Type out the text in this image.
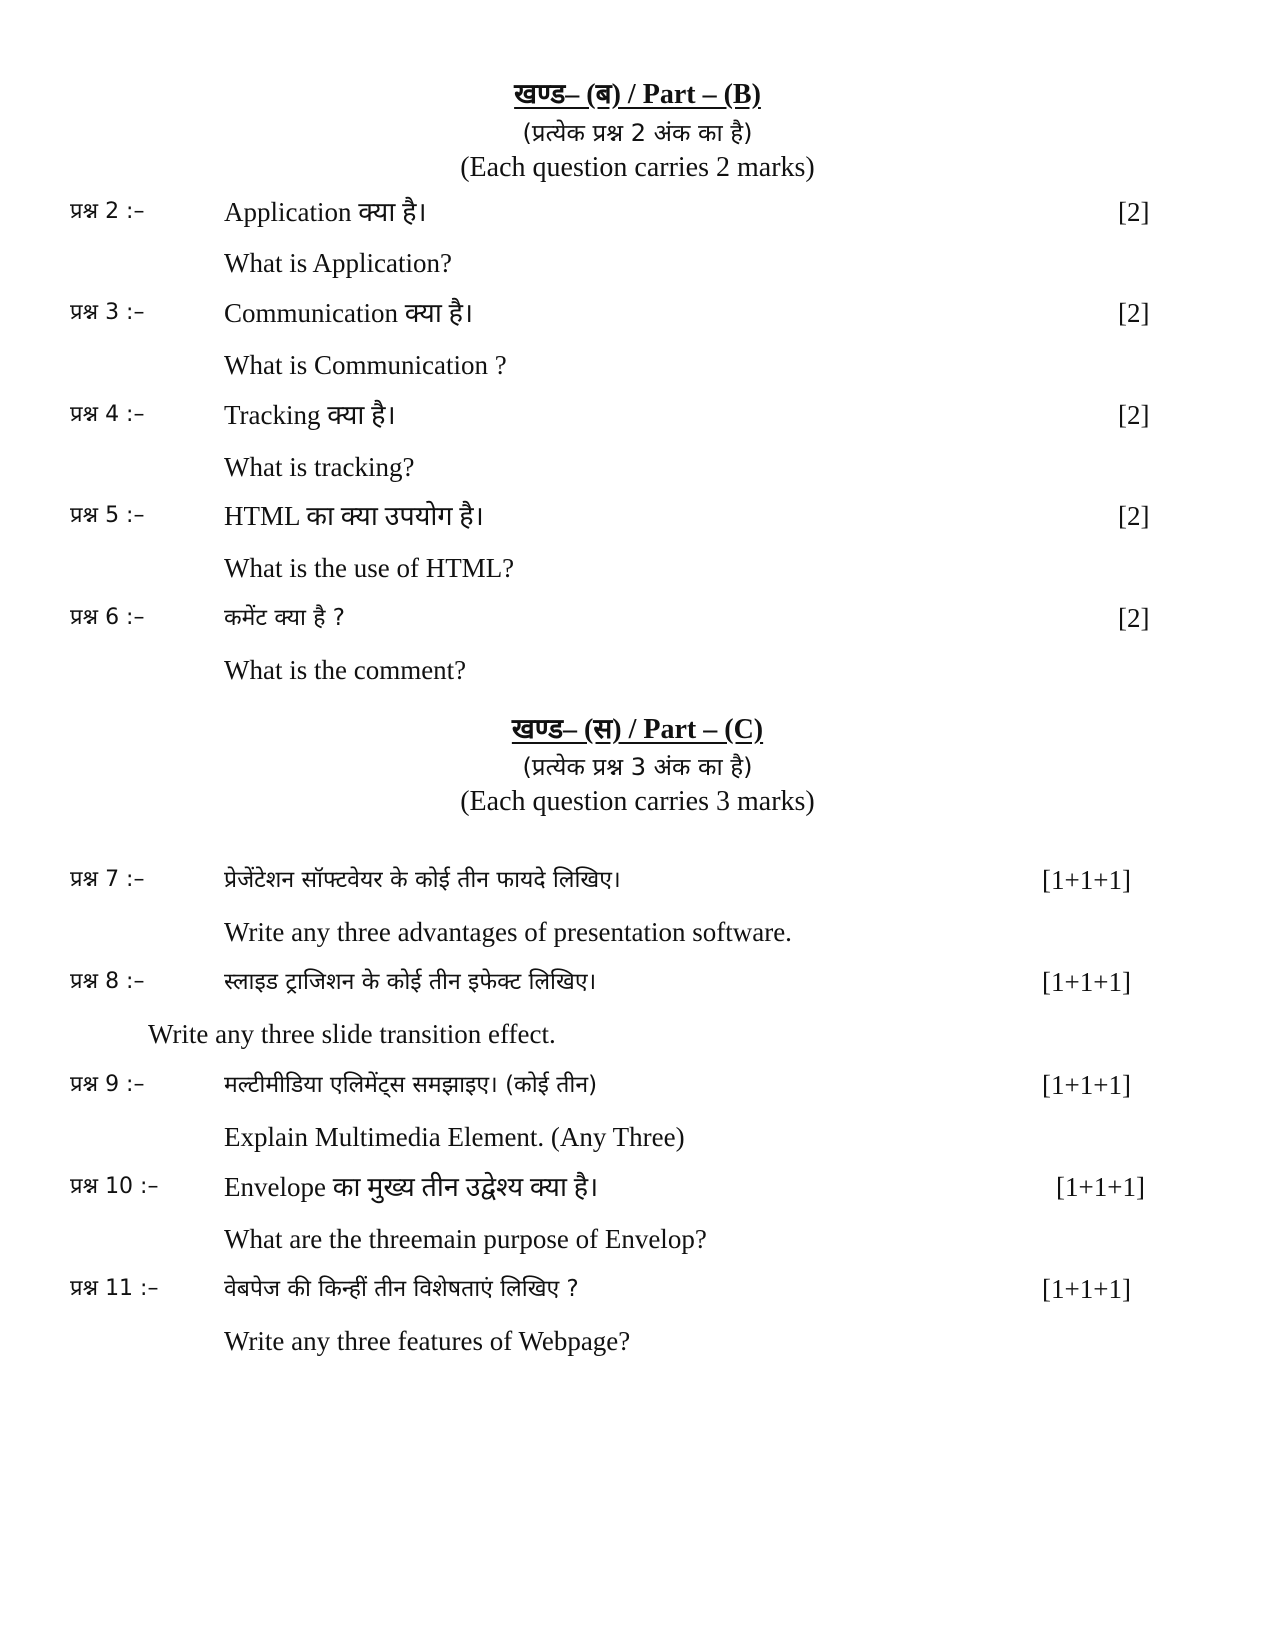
खण्ड– (ब) / Part – (B)
(प्रत्येक प्रश्न 2 अंक का है)
(Each question carries 2 marks)
प्रश्न 2 :–	Application क्या है।	[2]
What is Application?
प्रश्न 3 :–	Communication क्या है।	[2]
What is Communication ?
प्रश्न 4 :–	Tracking क्या है।	[2]
What is tracking?
प्रश्न 5 :–	HTML का क्या उपयोग है।	[2]
What is the use of HTML?
प्रश्न 6 :–	कमेंट क्या है ?	[2]
What is the comment?
खण्ड– (स) / Part – (C)
(प्रत्येक प्रश्न 3 अंक का है)
(Each question carries 3 marks)
प्रश्न 7 :–	प्रेजेंटेशन सॉफ्टवेयर के कोई तीन फायदे लिखिए।	[1+1+1]
Write any three advantages of presentation software.
प्रश्न 8 :–	स्लाइड ट्राजिशन के कोई तीन इफेक्ट लिखिए।	[1+1+1]
Write any three slide transition effect.
प्रश्न 9 :–	मल्टीमीडिया एलिमेंट्स समझाइए। (कोई तीन)	[1+1+1]
Explain Multimedia Element. (Any Three)
प्रश्न 10 :– Envelope का मुख्य तीन उद्वेश्य क्या है।	[1+1+1]
What are the threemain purpose of Envelop?
प्रश्न 11 :–	वेबपेज की किन्हीं तीन विशेषताएं लिखिए ?	[1+1+1]
Write any three features of Webpage?
